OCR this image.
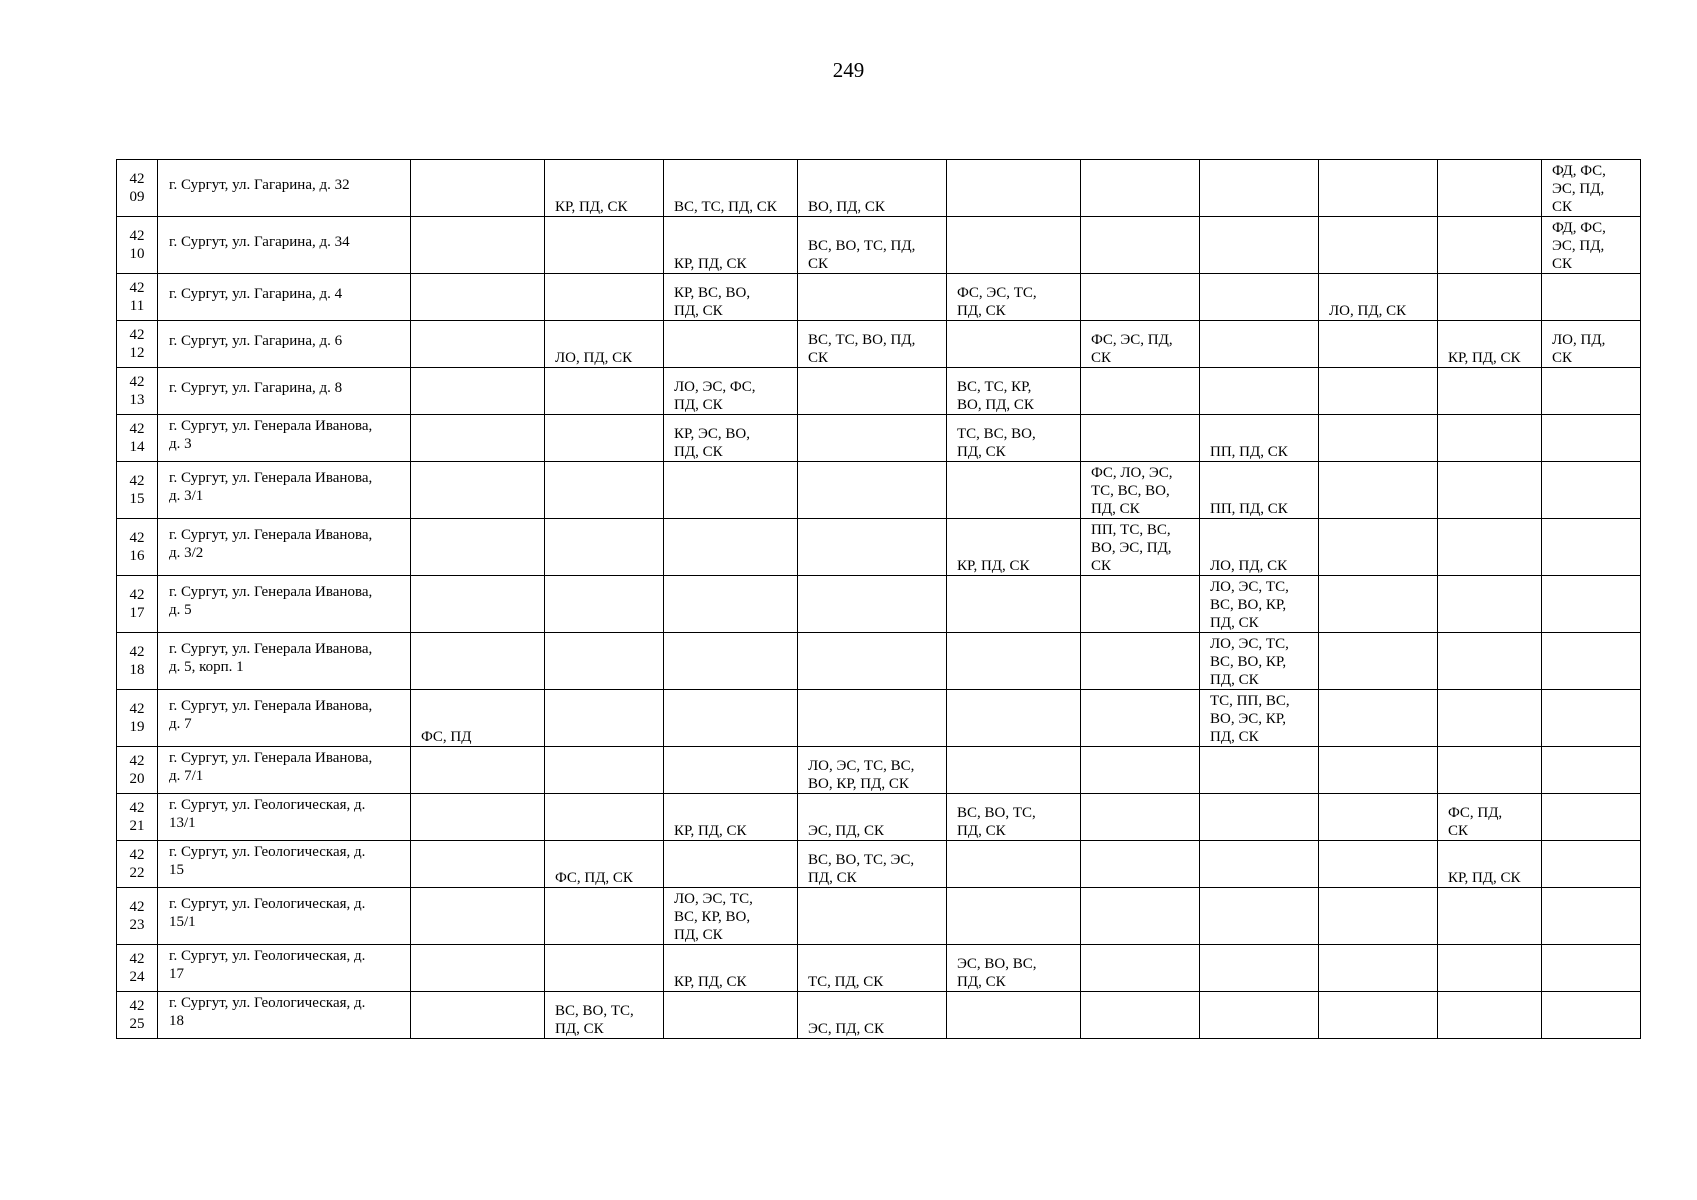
249
42
09	г. Сургут, ул. Гагарина, д. 32		КР, ПД, СК	ВС, ТС, ПД, СК	ВО, ПД, СК						ФД, ФС,
ЭС, ПД,
СК

42
10	г. Сургут, ул. Гагарина, д. 34			КР, ПД, СК	ВС, ВО, ТС, ПД,
СК						ФД, ФС,
ЭС, ПД,
СК

42
11	г. Сургут, ул. Гагарина, д. 4			КР, ВС, ВО,
ПД, СК		ФС, ЭС, ТС,
ПД, СК			ЛО, ПД, СК		

42
12	г. Сургут, ул. Гагарина, д. 6		ЛО, ПД, СК		ВС, ТС, ВО, ПД,
СК		ФС, ЭС, ПД,
СК			КР, ПД, СК	ЛО, ПД,
СК

42
13	г. Сургут, ул. Гагарина, д. 8			ЛО, ЭС, ФС,
ПД, СК		ВС, ТС, КР,
ВО, ПД, СК					

42
14	г. Сургут, ул. Генерала Иванова,
д. 3			КР, ЭС, ВО,
ПД, СК		ТС, ВС, ВО,
ПД, СК		ПП, ПД, СК			

42
15	г. Сургут, ул. Генерала Иванова,
д. 3/1						ФС, ЛО, ЭС,
ТС, ВС, ВО,
ПД, СК	ПП, ПД, СК			

42
16	г. Сургут, ул. Генерала Иванова,
д. 3/2					КР, ПД, СК	ПП, ТС, ВС,
ВО, ЭС, ПД,
СК	ЛО, ПД, СК			

42
17	г. Сургут, ул. Генерала Иванова,
д. 5							ЛО, ЭС, ТС,
ВС, ВО, КР,
ПД, СК			

42
18	г. Сургут, ул. Генерала Иванова,
д. 5, корп. 1							ЛО, ЭС, ТС,
ВС, ВО, КР,
ПД, СК			

42
19	г. Сургут, ул. Генерала Иванова,
д. 7	ФС, ПД						ТС, ПП, ВС,
ВО, ЭС, КР,
ПД, СК			

42
20	г. Сургут, ул. Генерала Иванова,
д. 7/1				ЛО, ЭС, ТС, ВС,
ВО, КР, ПД, СК						

42
21	г. Сургут, ул. Геологическая, д.
13/1			КР, ПД, СК	ЭС, ПД, СК	ВС, ВО, ТС,
ПД, СК				ФС, ПД,
СК	

42
22	г. Сургут, ул. Геологическая, д.
15		ФС, ПД, СК		ВС, ВО, ТС, ЭС,
ПД, СК					КР, ПД, СК	

42
23	г. Сургут, ул. Геологическая, д.
15/1			ЛО, ЭС, ТС,
ВС, КР, ВО,
ПД, СК							

42
24	г. Сургут, ул. Геологическая, д.
17			КР, ПД, СК	ТС, ПД, СК	ЭС, ВО, ВС,
ПД, СК					

42
25	г. Сургут, ул. Геологическая, д.
18		ВС, ВО, ТС,
ПД, СК		ЭС, ПД, СК						
